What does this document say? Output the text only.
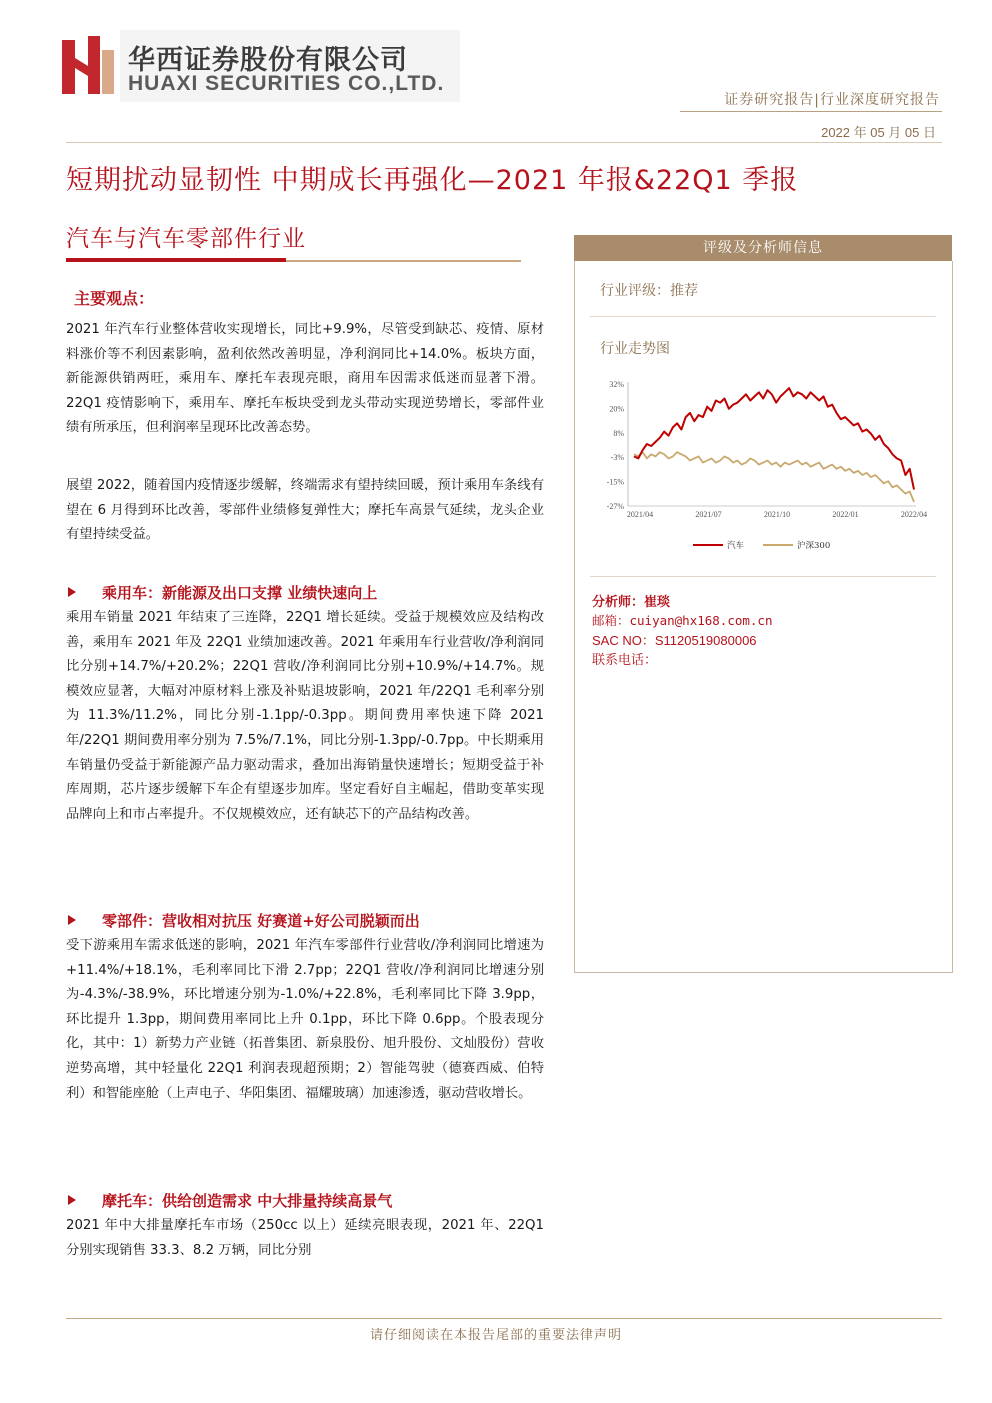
华西证券股份有限公司
HUAXI SECURITIES CO.,LTD.
证券研究报告|行业深度研究报告
2022 年 05 月 05 日
短期扰动显韧性 中期成长再强化—2021 年报&22Q1 季报
汽车与汽车零部件行业	评级及分析师信息
行业评级：推荐
行业走势图
32%
20%
8%
-3%
-15%
-27%
2021/04	2021/07	2021/10	2022/01	2022/04
汽车	沪深300
分析师：崔琰
邮箱：cuiyan@hx168.com.cn
SAC NO：S1120519080006
联系电话：
主要观点：

2021 年汽车行业整体营收实现增长，同比+9.9%，尽管受到缺芯、疫情、原材料涨价等不利因素影响，盈利依然改善明显，净利润同比+14.0%。板块方面，新能源供销两旺，乘用车、摩托车表现亮眼，商用车因需求低迷而显著下滑。22Q1 疫情影响下，乘用车、摩托车板块受到龙头带动实现逆势增长，零部件业绩有所承压，但利润率呈现环比改善态势。

展望 2022，随着国内疫情逐步缓解，终端需求有望持续回暖，预计乘用车条线有望在 6 月得到环比改善，零部件业绩修复弹性大；摩托车高景气延续，龙头企业有望持续受益。

乘用车：新能源及出口支撑 业绩快速向上

乘用车销量 2021 年结束了三连降，22Q1 增长延续。受益于规模效应及结构改善，乘用车 2021 年及 22Q1 业绩加速改善。2021 年乘用车行业营收/净利润同比分别+14.7%/+20.2%；22Q1 营收/净利润同比分别+10.9%/+14.7%。规模效应显著，大幅对冲原材料上涨及补贴退坡影响，2021 年/22Q1 毛利率分别为 11.3%/11.2%，同比分别-1.1pp/-0.3pp。期间费用率快速下降 2021 年/22Q1 期间费用率分别为 7.5%/7.1%，同比分别-1.3pp/-0.7pp。中长期乘用车销量仍受益于新能源产品力驱动需求，叠加出海销量快速增长；短期受益于补库周期，芯片逐步缓解下车企有望逐步加库。坚定看好自主崛起，借助变革实现品牌向上和市占率提升。不仅规模效应，还有缺芯下的产品结构改善。

零部件：营收相对抗压 好赛道+好公司脱颖而出

受下游乘用车需求低迷的影响，2021 年汽车零部件行业营收/净利润同比增速为+11.4%/+18.1%，毛利率同比下滑 2.7pp；22Q1 营收/净利润同比增速分别为-4.3%/-38.9%，环比增速分别为-1.0%/+22.8%，毛利率同比下降 3.9pp，环比提升 1.3pp，期间费用率同比上升 0.1pp，环比下降 0.6pp。个股表现分化，其中：1）新势力产业链（拓普集团、新泉股份、旭升股份、文灿股份）营收逆势高增，其中轻量化 22Q1 利润表现超预期；2）智能驾驶（德赛西威、伯特利）和智能座舱（上声电子、华阳集团、福耀玻璃）加速渗透，驱动营收增长。

摩托车：供给创造需求 中大排量持续高景气

2021 年中大排量摩托车市场（250cc 以上）延续亮眼表现，2021 年、22Q1 分别实现销售 33.3、8.2 万辆，同比分别

请仔细阅读在本报告尾部的重要法律声明
